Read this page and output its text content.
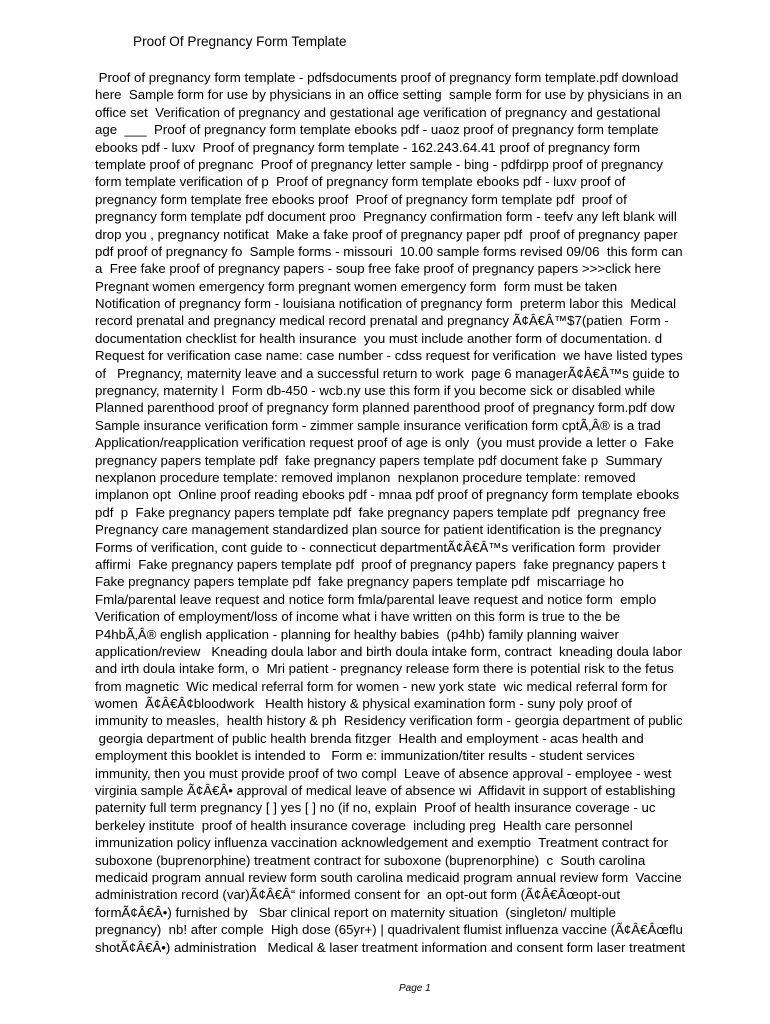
Proof Of Pregnancy Form Template
Proof of pregnancy form template - pdfsdocuments proof of pregnancy form template.pdf download
here  Sample form for use by physicians in an office setting  sample form for use by physicians in an
office set  Verification of pregnancy and gestational age verification of pregnancy and gestational
age  ___  Proof of pregnancy form template ebooks pdf - uaoz proof of pregnancy form template
ebooks pdf - luxv  Proof of pregnancy form template - 162.243.64.41 proof of pregnancy form
template proof of pregnanc  Proof of pregnancy letter sample - bing - pdfdirpp proof of pregnancy
form template verification of p  Proof of pregnancy form template ebooks pdf - luxv proof of
pregnancy form template free ebooks proof  Proof of pregnancy form template pdf  proof of
pregnancy form template pdf document proo  Pregnancy confirmation form - teefv any left blank will
drop you , pregnancy notificat  Make a fake proof of pregnancy paper pdf  proof of pregnancy paper
pdf proof of pregnancy fo  Sample forms - missouri  10.00 sample forms revised 09/06  this form can
a  Free fake proof of pregnancy papers - soup free fake proof of pregnancy papers >>>click here
Pregnant women emergency form pregnant women emergency form  form must be taken
Notification of pregnancy form - louisiana notification of pregnancy form  preterm labor this  Medical
record prenatal and pregnancy medical record prenatal and pregnancy Ã¢Â€Â™$7(patien  Form -
documentation checklist for health insurance  you must include another form of documentation. d
Request for verification case name: case number - cdss request for verification  we have listed types
of   Pregnancy, maternity leave and a successful return to work  page 6 managerÃ¢Â€Â™s guide to
pregnancy, maternity l  Form db-450 - wcb.ny use this form if you become sick or disabled while
Planned parenthood proof of pregnancy form planned parenthood proof of pregnancy form.pdf dow
Sample insurance verification form - zimmer sample insurance verification form cptÃ‚Â® is a trad
Application/reapplication verification request proof of age is only  (you must provide a letter o  Fake
pregnancy papers template pdf  fake pregnancy papers template pdf document fake p  Summary
nexplanon procedure template: removed implanon  nexplanon procedure template: removed
implanon opt  Online proof reading ebooks pdf - mnaa pdf proof of pregnancy form template ebooks
pdf  p  Fake pregnancy papers template pdf  fake pregnancy papers template pdf  pregnancy free
Pregnancy care management standardized plan source for patient identification is the pregnancy
Forms of verification, cont guide to - connecticut departmentÃ¢Â€Â™s verification form  provider
affirmi  Fake pregnancy papers template pdf  proof of pregnancy papers  fake pregnancy papers t
Fake pregnancy papers template pdf  fake pregnancy papers template pdf  miscarriage ho
Fmla/parental leave request and notice form fmla/parental leave request and notice form  emplo
Verification of employment/loss of income what i have written on this form is true to the be
P4hbÃ‚Â® english application - planning for healthy babies  (p4hb) family planning waiver
application/review   Kneading doula labor and birth doula intake form, contract  kneading doula labor
and irth doula intake form, o  Mri patient - pregnancy release form there is potential risk to the fetus
from magnetic  Wic medical referral form for women - new york state  wic medical referral form for
women  Ã¢Â€Â¢bloodwork   Health history & physical examination form - suny poly proof of
immunity to measles,  health history & ph  Residency verification form - georgia department of public
georgia department of public health brenda fitzger  Health and employment - acas health and
employment this booklet is intended to   Form e: immunization/titer results - student services
immunity, then you must provide proof of two compl  Leave of absence approval - employee - west
virginia sample Ã¢Â€Â• approval of medical leave of absence wi  Affidavit in support of establishing
paternity full term pregnancy [ ] yes [ ] no (if no, explain  Proof of health insurance coverage - uc
berkeley institute  proof of health insurance coverage  including preg  Health care personnel
immunization policy influenza vaccination acknowledgement and exemptio  Treatment contract for
suboxone (buprenorphine) treatment contract for suboxone (buprenorphine)  c  South carolina
medicaid program annual review form south carolina medicaid program annual review form  Vaccine
administration record (var)Ã¢Â€Â“ informed consent for  an opt-out form (Ã¢Â€Âœopt-out
formÃ¢Â€Â•) furnished by   Sbar clinical report on maternity situation  (singleton/ multiple
pregnancy)  nb! after comple  High dose (65yr+) | quadrivalent flumist influenza vaccine (Ã¢Â€Âœflu
shotÃ¢Â€Â•) administration   Medical & laser treatment information and consent form laser treatment
Page 1
